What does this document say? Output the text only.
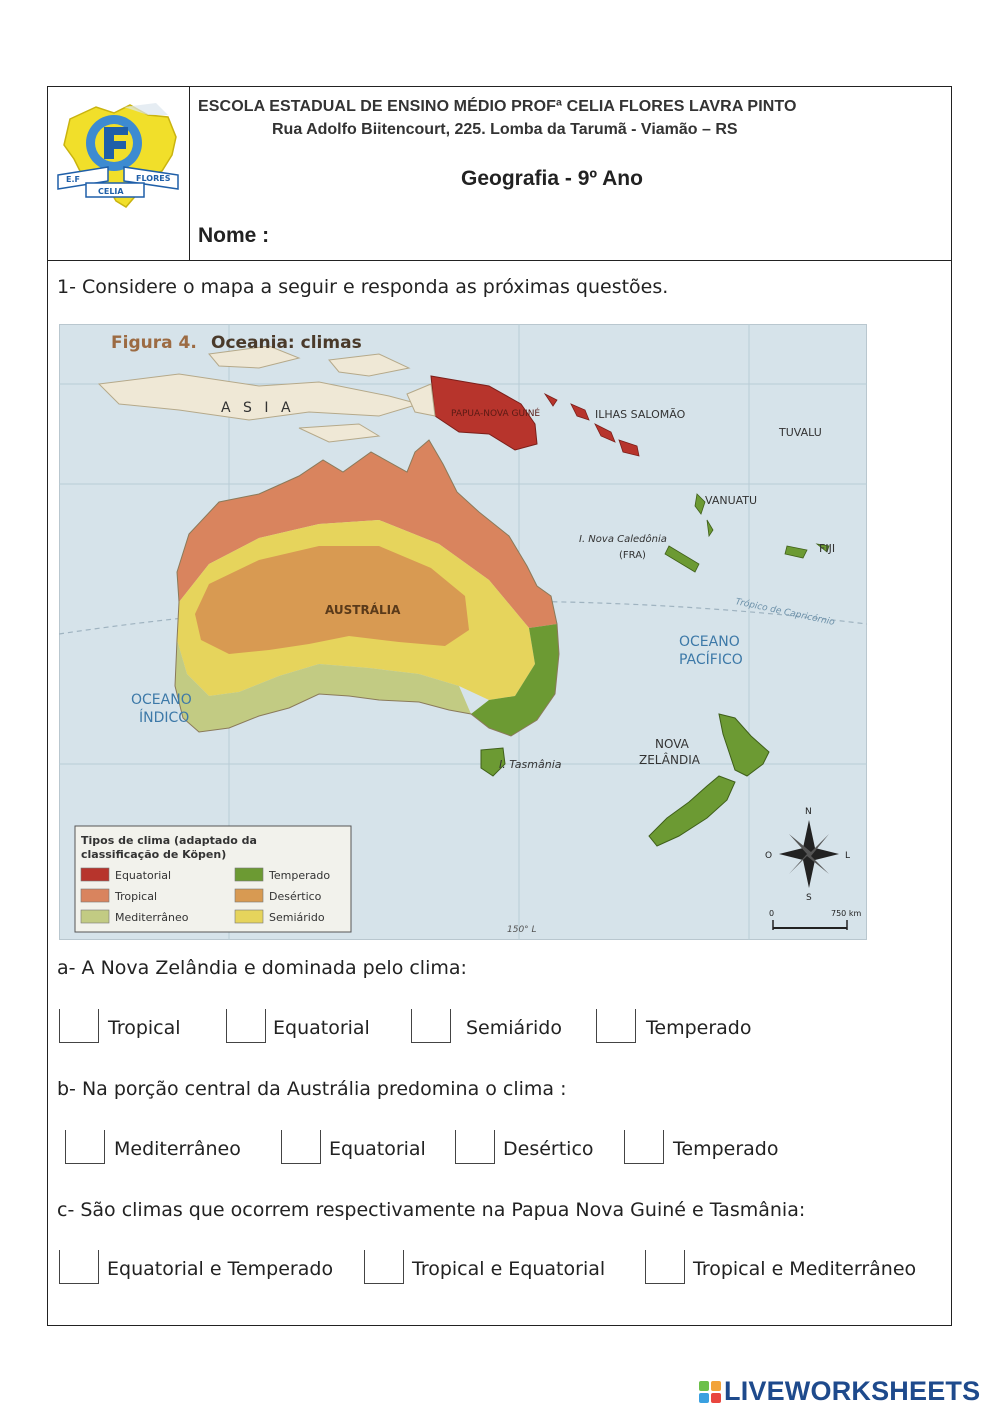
E.F
CELIA
FLORES
ESCOLA ESTADUAL DE ENSINO MÉDIO PROFª CELIA FLORES LAVRA PINTO
Rua Adolfo Biitencourt, 225. Lomba da Tarumã - Viamão – RS
Geografia - 9º Ano
Nome :
1- Considere o mapa a seguir e responda as próximas questões.
Figura 4. Oceania: climas
A S I A	PAPUA-NOVA GUINÉ	ILHAS SALOMÃO
TUVALU
VANUATU
I. Nova Caledônia
(FRA)
FIJI
AUSTRÁLIA	Trópico de Capricórnio
OCEANO
PACÍFICO
OCEANO
ÍNDICO
I. Tasmânia
NOVA
ZELÂNDIA
150° L
N
S
L
O
0	750 km
Tipos de clima (adaptado da
classificação de Köpen)
Equatorial
Tropical
Mediterrâneo
Temperado
Desértico
Semiárido
a- A Nova Zelândia e dominada pelo clima:
Tropical	Equatorial	Semiárido	Temperado
b- Na porção central da Austrália predomina o clima :
Mediterrâneo	Equatorial	Desértico	Temperado
c- São climas que ocorrem respectivamente na Papua Nova Guiné e Tasmânia:
Equatorial e Temperado	Tropical e Equatorial	Tropical e Mediterrâneo
LIVEWORKSHEETS
